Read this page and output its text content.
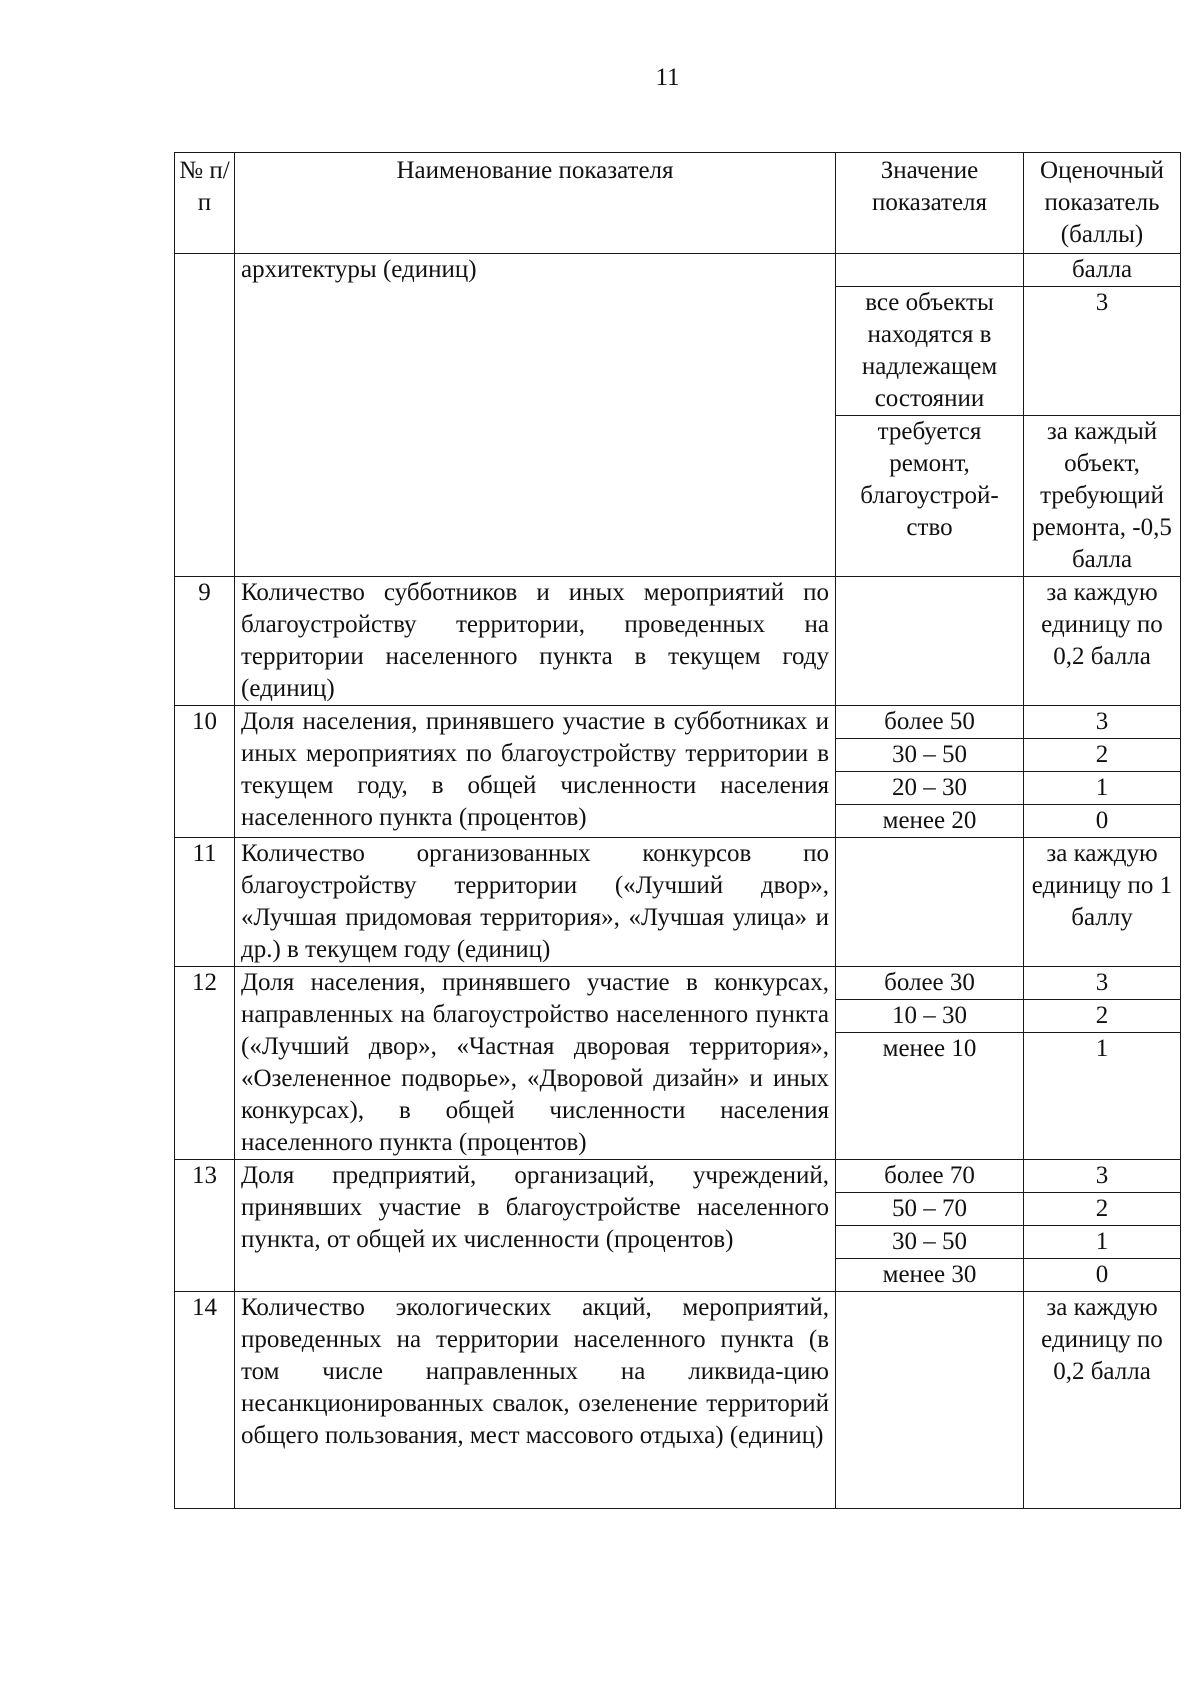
11
№ п/п	Наименование показателя	Значение показателя	Оценочный показатель (баллы)
	архитектуры (единиц)		балла
		все объекты находятся в надлежащем состоянии	3
		требуется ремонт, благоустрой-ство	за каждый объект, требующий ремонта, -0,5 балла
9	Количество субботников и иных мероприятий по благоустройству территории, проведенных на территории населенного пункта в текущем году (единиц)		за каждую единицу по 0,2 балла
10	Доля населения, принявшего участие в субботниках и иных мероприятиях по благоустройству территории в текущем году, в общей численности населения населенного пункта (процентов)	более 50	3
		30 – 50	2
		20 – 30	1
		менее 20	0
11	Количество организованных конкурсов по благоустройству территории («Лучший двор», «Лучшая придомовая территория», «Лучшая улица» и др.) в текущем году (единиц)		за каждую единицу по 1 баллу
12	Доля населения, принявшего участие в конкурсах, направленных на благоустройство населенного пункта («Лучший двор», «Частная дворовая территория», «Озелененное подворье», «Дворовой дизайн» и иных конкурсах), в общей численности населения населенного пункта (процентов)	более 30	3
		10 – 30	2
		менее 10	1
13	Доля предприятий, организаций, учреждений, принявших участие в благоустройстве населенного пункта, от общей их численности (процентов)	более 70	3
		50 – 70	2
		30 – 50	1
		менее 30	0
14	Количество экологических акций, мероприятий, проведенных на территории населенного пункта (в том числе направленных на ликвида-цию несанкционированных свалок, озеленение территорий общего пользования, мест массового отдыха) (единиц)		за каждую единицу по 0,2 балла
